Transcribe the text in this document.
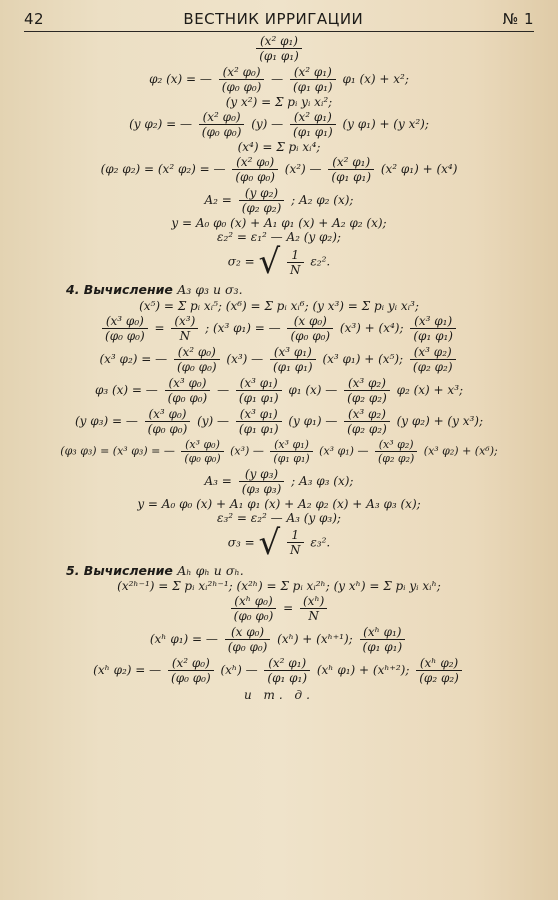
42	ВЕСТНИК ИРРИГАЦИИ	№ 1
$\frac{\text{(x² φ₁)}}{\text{(φ₁ φ₁)}}$
φ₂ (x) = — $\frac{\text{(x² φ₀)}}{\text{(φ₀ φ₀)}}$ — $\frac{\text{(x² φ₁)}}{\text{(φ₁ φ₁)}} \varphi_1$ (x) + x²;
(y x²) = Σ pᵢ yᵢ xᵢ²;
(y φ₂) = — $\frac{\text{(x² φ₀)}}{\text{(φ₀ φ₀)}} (y)$ — $\frac{\text{(x² φ₁)}}{\text{(φ₁ φ₁)}} (y$ φ₁) + (y x²);
(x⁴) = Σ pᵢ xᵢ⁴;
(φ₂ φ₂) = (x² φ₂) = — $\frac{\text{(x² φ₀)}}{\text{(φ₀ φ₀)}} (x^2)$ — $\frac{\text{(x² φ₁)}}{\text{(φ₁ φ₁)}} (x^2$ φ₁) + (x⁴)
$A_2 = \frac{\text{(y φ₂)}}{\text{(φ₂ φ₂)}}$ ; A₂ φ₂ (x);
y = A₀ φ₀ (x) + A₁ φ₁ (x) + A₂ φ₂ (x);
ε₂² = ε₁² — A₂ (y φ₂);
σ₂ = √ $\frac{1}{N} \varepsilon_2^2$.
4. Вычисление A₃ φ₃ и σ₃.
(x⁵) = Σ pᵢ xᵢ⁵; (x⁶) = Σ pᵢ xᵢ⁶; (y x³) = Σ pᵢ yᵢ xᵢ³;
$\frac{\text{(x³ φ₀)}}{\text{(φ₀ φ₀)}} = \frac{\text{(x³)}}{N}$ ; (x³ φ₁) = — $\frac{\text{(x φ₀)}}{\text{(φ₀ φ₀)}} (x^3) + (x^4)$; $\frac{\text{(x³ φ₁)}}{\text{(φ₁ φ₁)}}$
(x³ φ₂) = — $\frac{\text{(x² φ₀)}}{\text{(φ₀ φ₀)}} (x^3)$ — $\frac{\text{(x³ φ₁)}}{\text{(φ₁ φ₁)}} (x^3$ φ₁) + (x⁵); $\frac{\text{(x³ φ₂)}}{\text{(φ₂ φ₂)}}$
φ₃ (x) = — $\frac{\text{(x³ φ₀)}}{\text{(φ₀ φ₀)}}$ — $\frac{\text{(x³ φ₁)}}{\text{(φ₁ φ₁)}} \varphi_1$ (x) — $\frac{\text{(x³ φ₂)}}{\text{(φ₂ φ₂)}} \varphi_2$ (x) + x³;
(y φ₃) = — $\frac{\text{(x³ φ₀)}}{\text{(φ₀ φ₀)}} (y)$ — $\frac{\text{(x³ φ₁)}}{\text{(φ₁ φ₁)}} (y$ φ₁) — $\frac{\text{(x³ φ₂)}}{\text{(φ₂ φ₂)}} (y$ φ₂) + (y x³);
(φ₃ φ₃) = (x³ φ₃) = — $\frac{\text{(x³ φ₀)}}{\text{(φ₀ φ₀)}} (x^3)$ — $\frac{\text{(x³ φ₁)}}{\text{(φ₁ φ₁)}} (x^3$ φ₁) — $\frac{\text{(x³ φ₂)}}{\text{(φ₂ φ₂)}} (x^3$ φ₂) + (x⁶);
$A_3 = \frac{\text{(y φ₃)}}{\text{(φ₃ φ₃)}}$ ; A₃ φ₃ (x);
y = A₀ φ₀ (x) + A₁ φ₁ (x) + A₂ φ₂ (x) + A₃ φ₃ (x);
ε₃² = ε₂² — A₃ (y φ₃);
σ₃ = √ $\frac{1}{N} \varepsilon_3^2$.
5. Вычисление Aₕ φₕ и σₕ.
(x²ʰ⁻¹) = Σ pᵢ xᵢ²ʰ⁻¹; (x²ʰ) = Σ pᵢ xᵢ²ʰ; (y xʰ) = Σ pᵢ yᵢ xᵢʰ;
$\frac{\text{(xʰ φ₀)}}{\text{(φ₀ φ₀)}} = \frac{\text{(xʰ)}}{N}$
(xʰ φ₁) = — $\frac{\text{(x φ₀)}}{\text{(φ₀ φ₀)}}$ (xʰ) + (xʰ⁺¹); $\frac{\text{(xʰ φ₁)}}{\text{(φ₁ φ₁)}}$
(xʰ φ₂) = — $\frac{\text{(x² φ₀)}}{\text{(φ₀ φ₀)}}$ (xʰ) — $\frac{\text{(x² φ₁)}}{\text{(φ₁ φ₁)}}$ (xʰ φ₁) + (xʰ⁺²); $\frac{\text{(xʰ φ₂)}}{\text{(φ₂ φ₂)}}$
и т. д.
